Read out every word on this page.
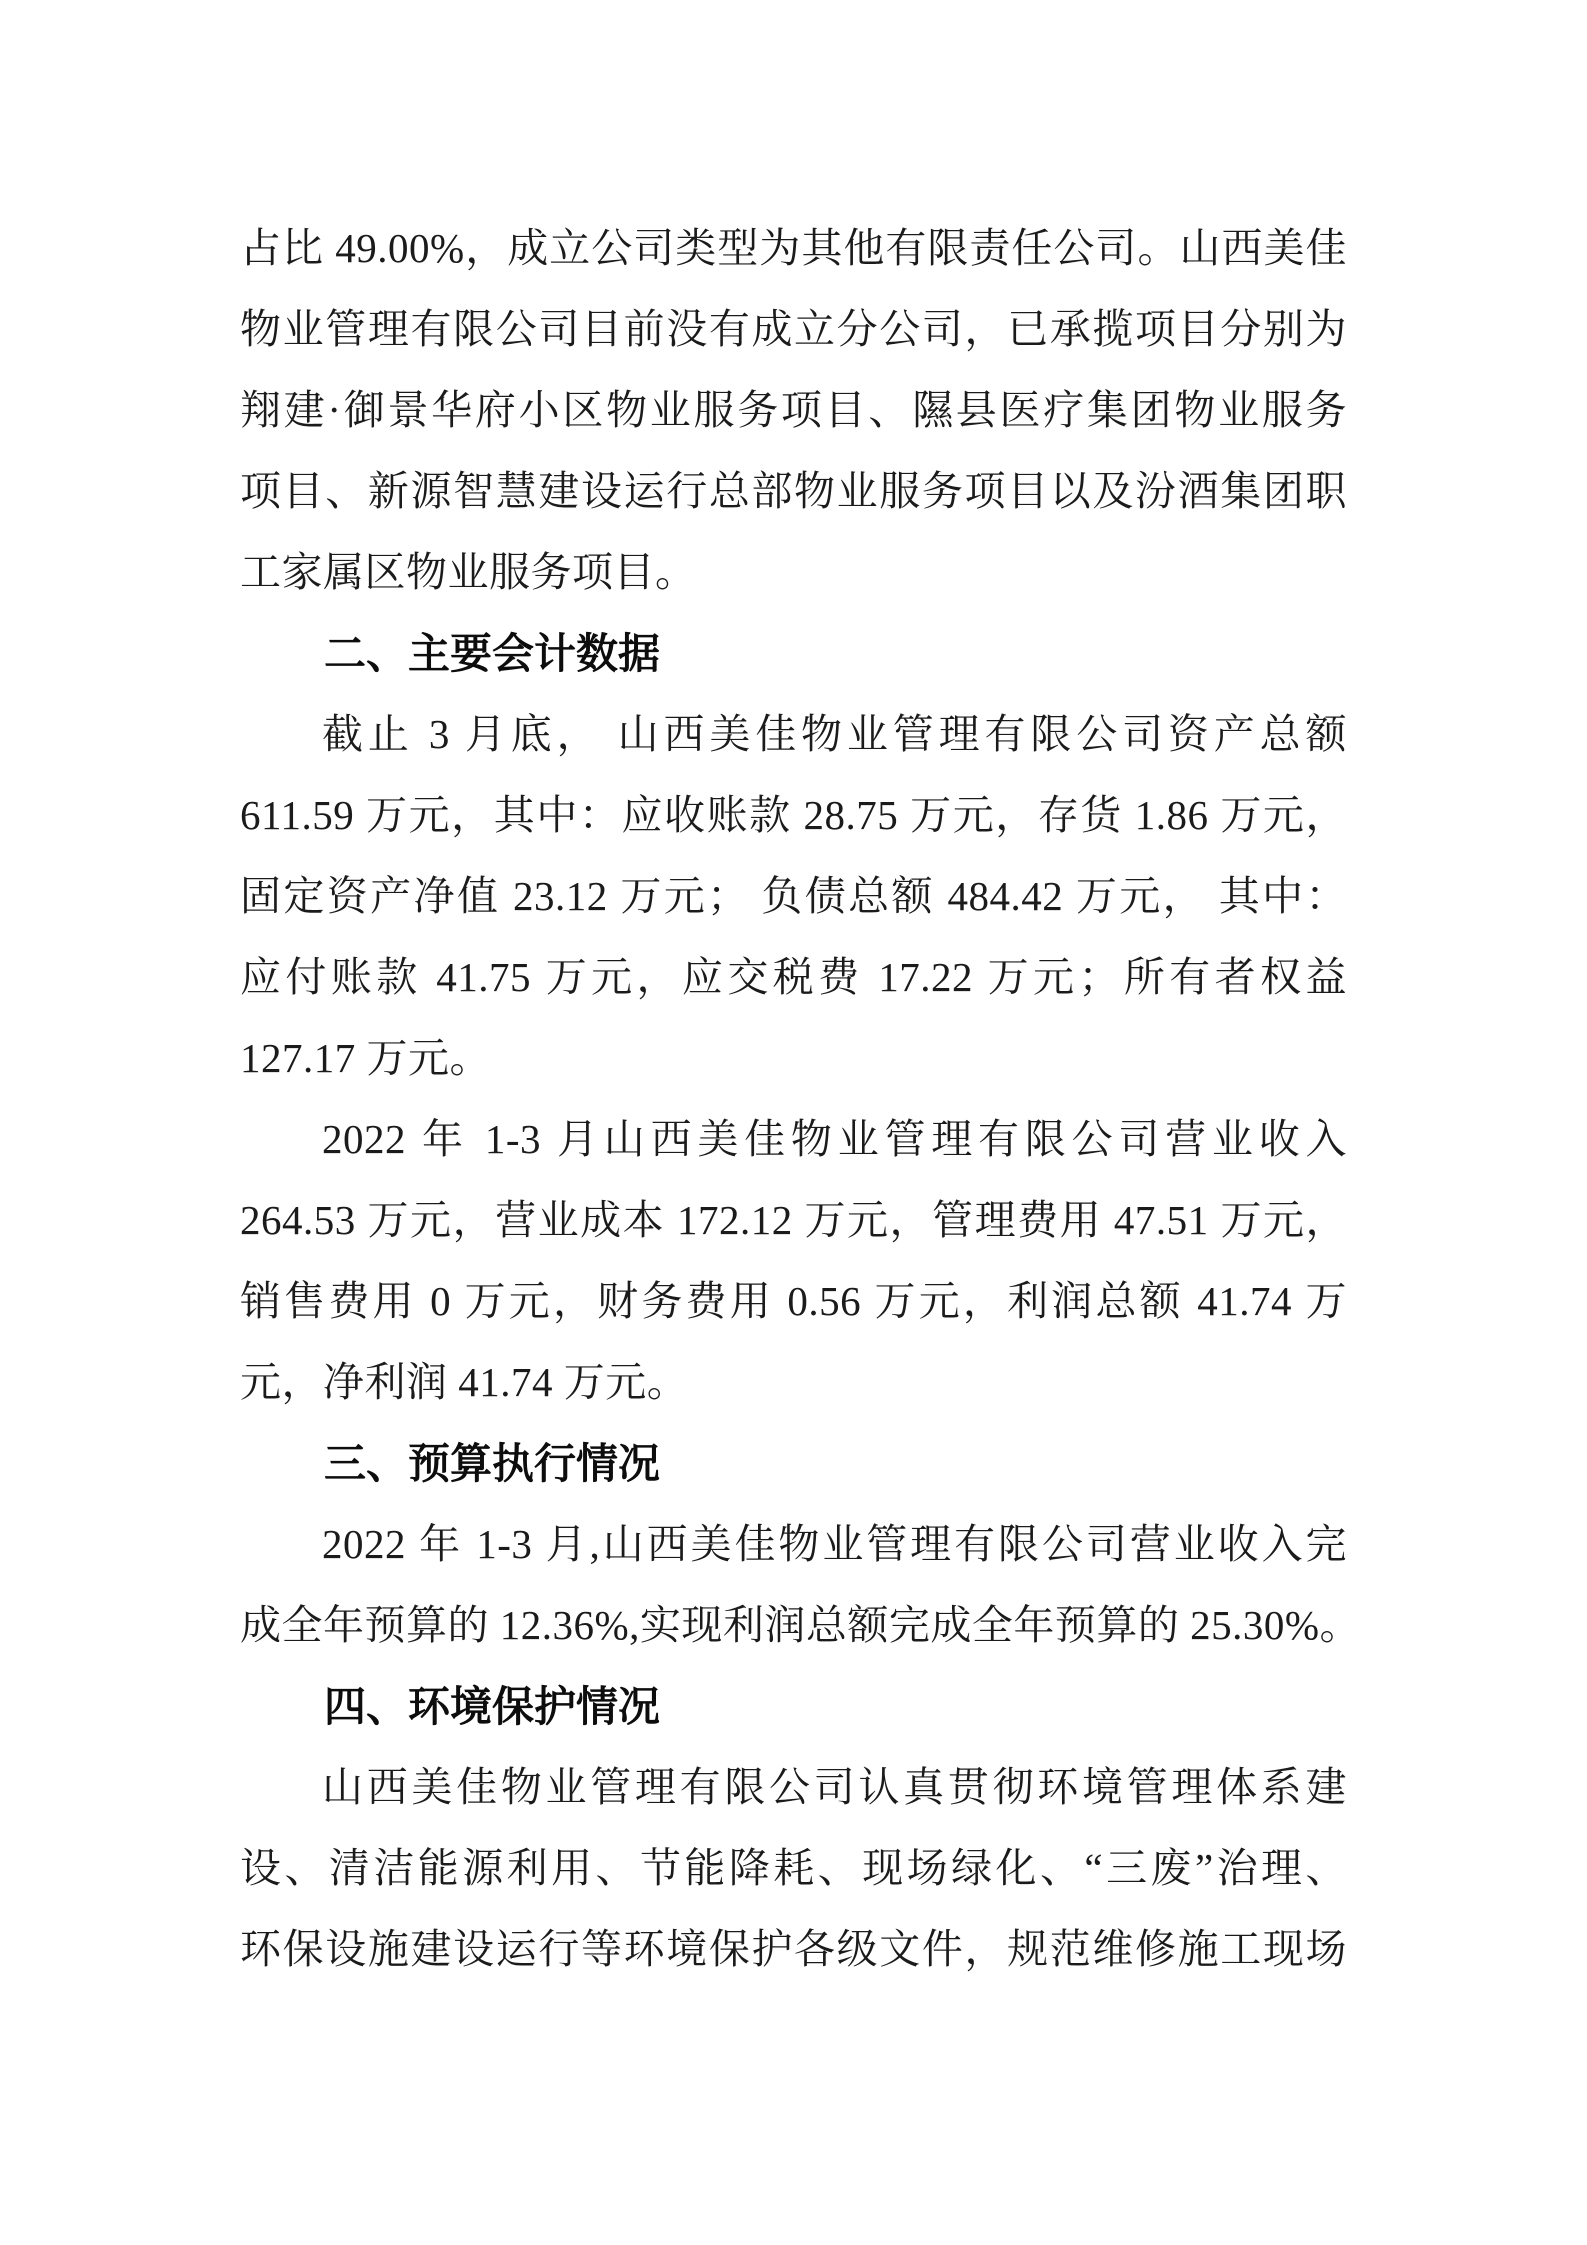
占比 49.00%，成立公司类型为其他有限责任公司。山西美佳
物业管理有限公司目前没有成立分公司，已承揽项目分别为
翔建·御景华府小区物业服务项目、隰县医疗集团物业服务
项目、新源智慧建设运行总部物业服务项目以及汾酒集团职
工家属区物业服务项目。
二、主要会计数据
截止 3 月底， 山西美佳物业管理有限公司资产总额
611.59 万元，其中：应收账款 28.75 万元，存货 1.86 万元，
固定资产净值 23.12 万元； 负债总额 484.42 万元， 其中：
应付账款 41.75 万元，应交税费 17.22 万元；所有者权益
127.17 万元。
2022 年 1-3 月山西美佳物业管理有限公司营业收入
264.53 万元，营业成本 172.12 万元，管理费用 47.51 万元，
销售费用 0 万元，财务费用 0.56 万元，利润总额 41.74 万
元，净利润 41.74 万元。
三、预算执行情况
2022 年 1-3 月,山西美佳物业管理有限公司营业收入完
成全年预算的 12.36%,实现利润总额完成全年预算的 25.30%。
四、环境保护情况
山西美佳物业管理有限公司认真贯彻环境管理体系建
设、清洁能源利用、节能降耗、现场绿化、“三废”治理、
环保设施建设运行等环境保护各级文件，规范维修施工现场
